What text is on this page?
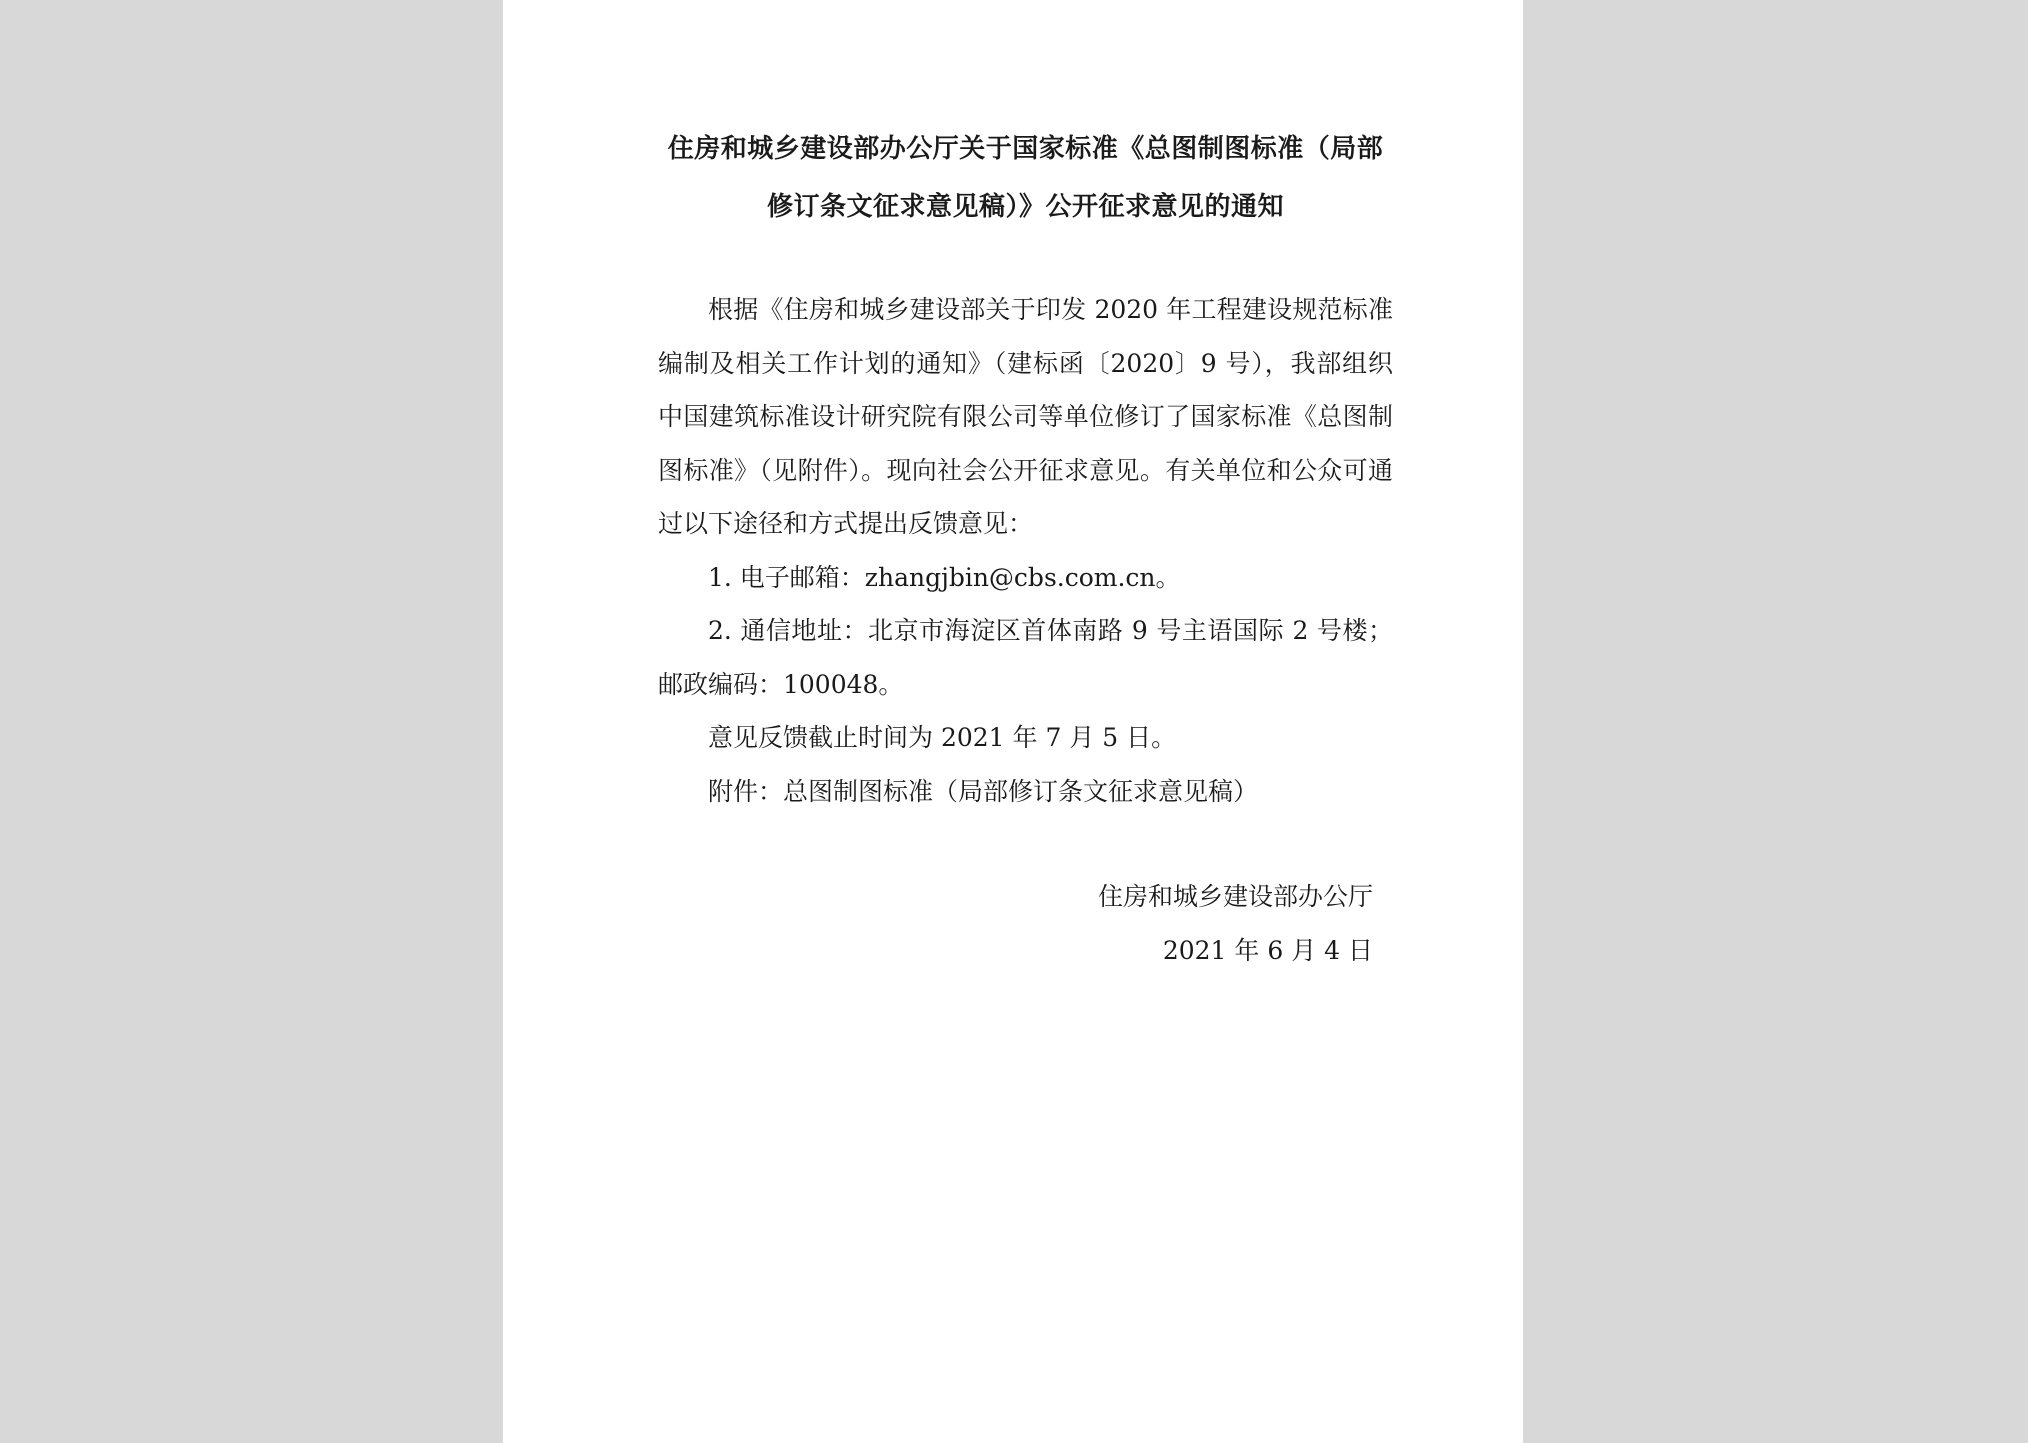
住房和城乡建设部办公厅关于国家标准《总图制图标准（局部修订条文征求意见稿）》公开征求意见的通知

根据《住房和城乡建设部关于印发 2020 年工程建设规范标准编制及相关工作计划的通知》（建标函〔2020〕9 号），我部组织中国建筑标准设计研究院有限公司等单位修订了国家标准《总图制图标准》（见附件）。现向社会公开征求意见。有关单位和公众可通过以下途径和方式提出反馈意见：

1. 电子邮箱：zhangjbin@cbs.com.cn。

2. 通信地址：北京市海淀区首体南路 9 号主语国际 2 号楼；邮政编码：100048。

意见反馈截止时间为 2021 年 7 月 5 日。

附件：总图制图标准（局部修订条文征求意见稿）

住房和城乡建设部办公厅
2021 年 6 月 4 日
